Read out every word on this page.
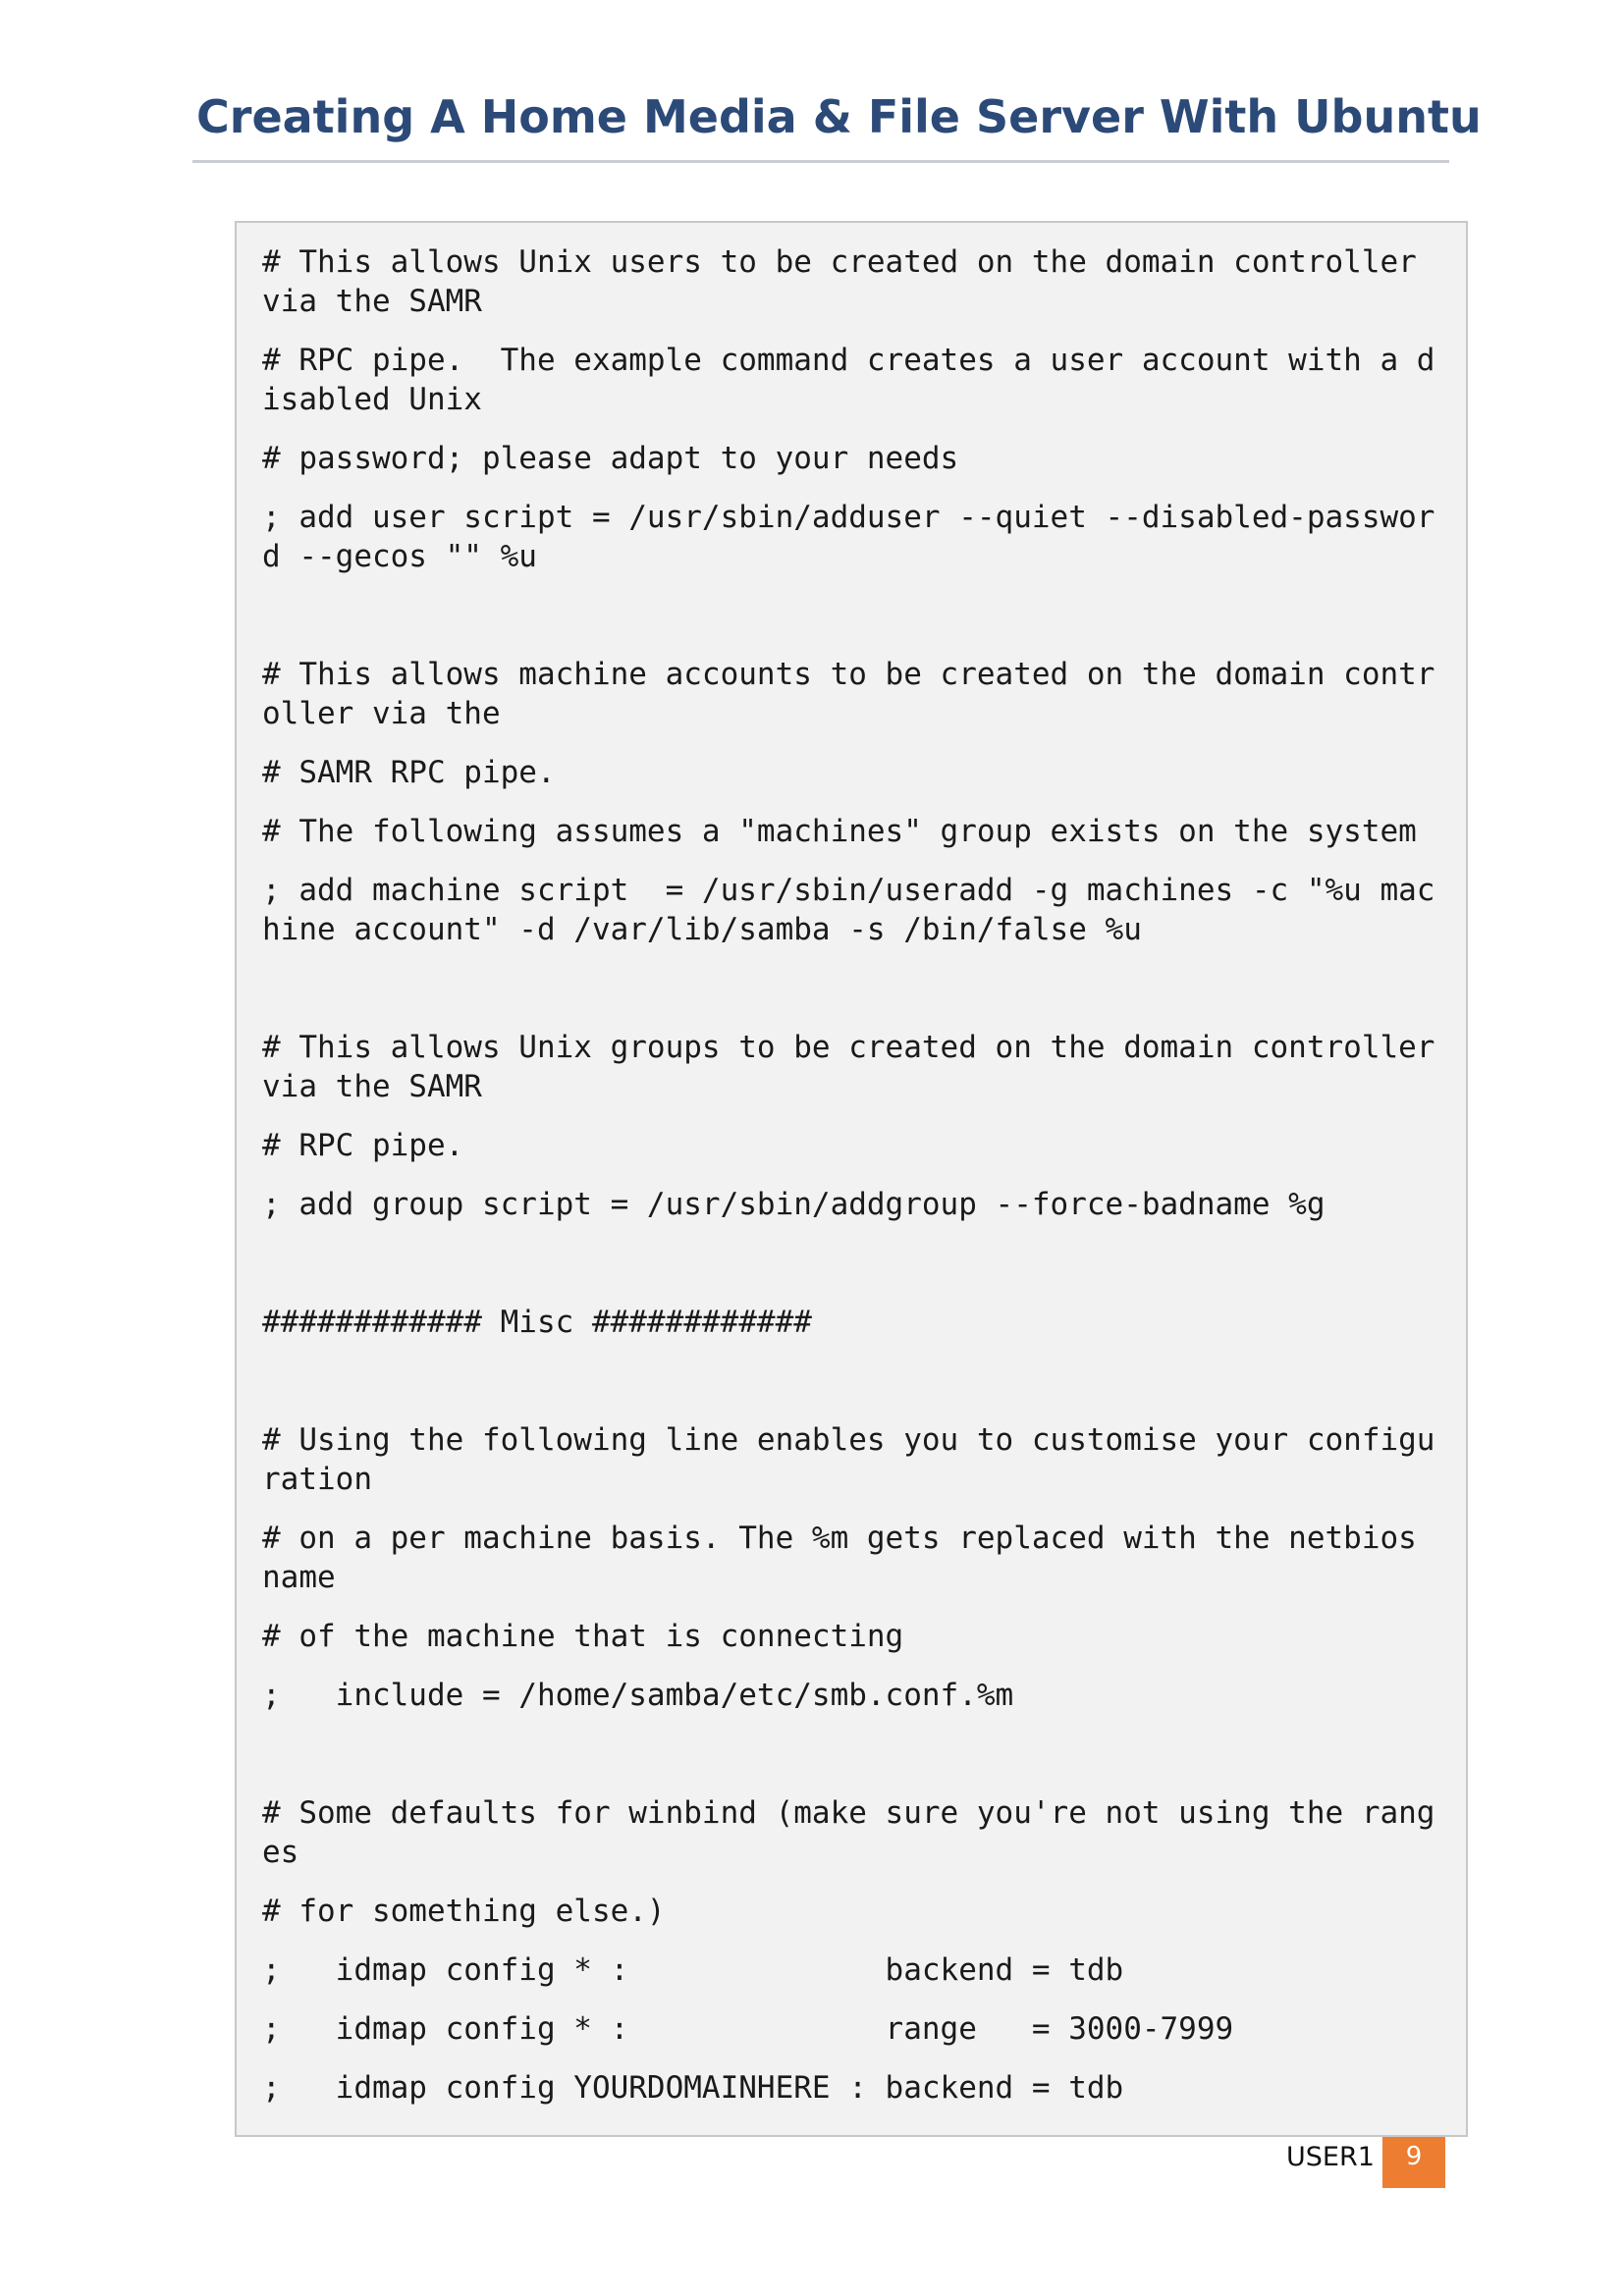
Creating A Home Media & File Server With Ubuntu
# This allows Unix users to be created on the domain controller
via the SAMR
# RPC pipe.  The example command creates a user account with a d
isabled Unix
# password; please adapt to your needs
; add user script = /usr/sbin/adduser --quiet --disabled-passwor
d --gecos "" %u
# This allows machine accounts to be created on the domain contr
oller via the
# SAMR RPC pipe.
# The following assumes a "machines" group exists on the system
; add machine script  = /usr/sbin/useradd -g machines -c "%u mac
hine account" -d /var/lib/samba -s /bin/false %u
# This allows Unix groups to be created on the domain controller
via the SAMR
# RPC pipe.
; add group script = /usr/sbin/addgroup --force-badname %g
############ Misc ############
# Using the following line enables you to customise your configu
ration
# on a per machine basis. The %m gets replaced with the netbios
name
# of the machine that is connecting
;   include = /home/samba/etc/smb.conf.%m
# Some defaults for winbind (make sure you're not using the rang
es
# for something else.)
;   idmap config * :              backend = tdb
;   idmap config * :              range   = 3000-7999
;   idmap config YOURDOMAINHERE : backend = tdb
USER1	9
